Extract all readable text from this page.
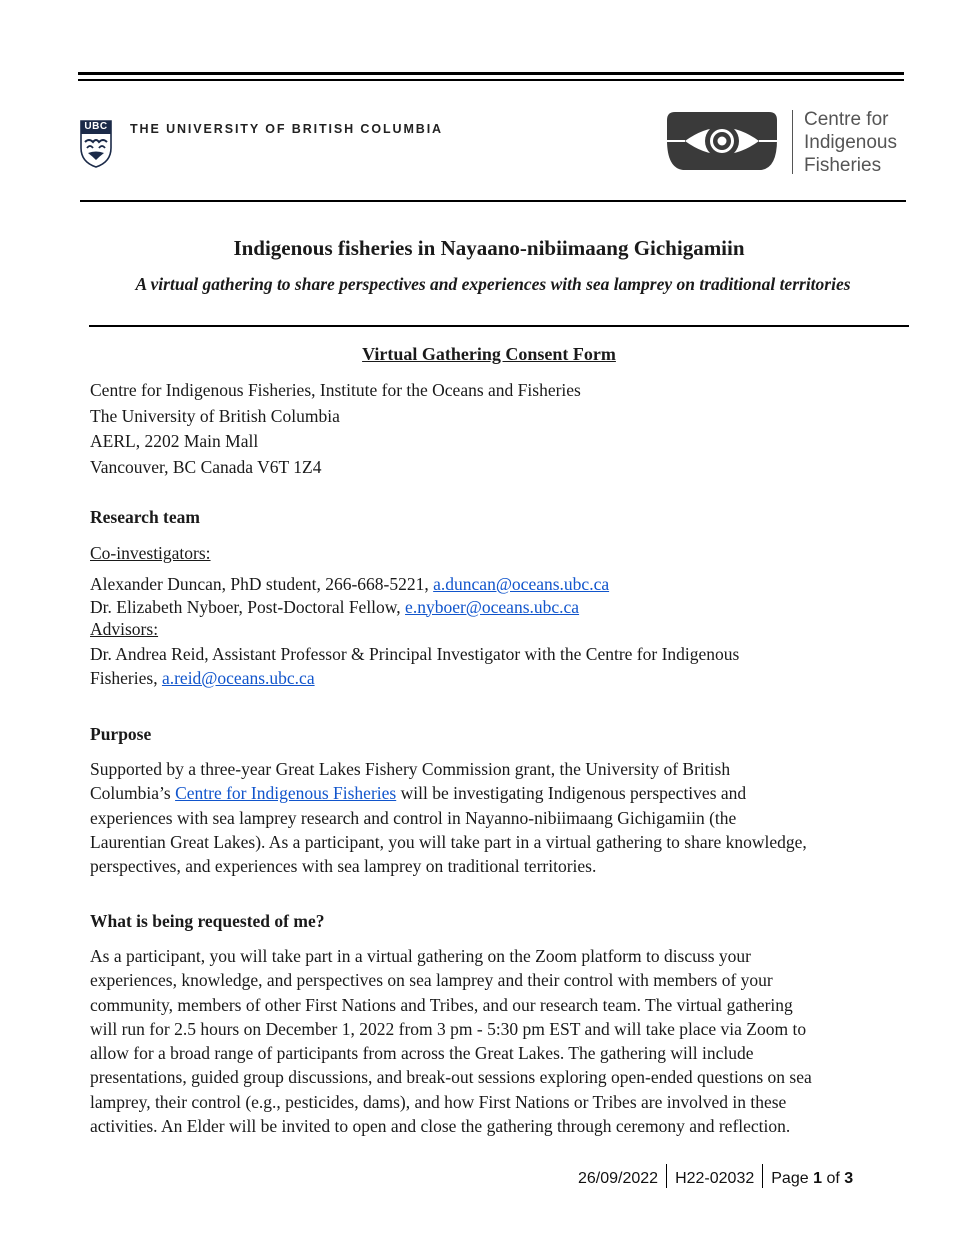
UBC THE UNIVERSITY OF BRITISH COLUMBIA	Centre for
Indigenous
Fisheries
Indigenous fisheries in Nayaano-nibiimaang Gichigamiin
A virtual gathering to share perspectives and experiences with sea lamprey on traditional territories
Virtual Gathering Consent Form
Centre for Indigenous Fisheries, Institute for the Oceans and Fisheries
The University of British Columbia
AERL, 2202 Main Mall
Vancouver, BC Canada V6T 1Z4
Research team
Co-investigators:
Alexander Duncan, PhD student, 266-668-5221, a.duncan@oceans.ubc.ca
Dr. Elizabeth Nyboer, Post-Doctoral Fellow, e.nyboer@oceans.ubc.ca
Advisors:
Dr. Andrea Reid, Assistant Professor & Principal Investigator with the Centre for Indigenous
Fisheries, a.reid@oceans.ubc.ca
Purpose
Supported by a three-year Great Lakes Fishery Commission grant, the University of British
Columbia’s Centre for Indigenous Fisheries will be investigating Indigenous perspectives and
experiences with sea lamprey research and control in Nayanno-nibiimaang Gichigamiin (the
Laurentian Great Lakes). As a participant, you will take part in a virtual gathering to share knowledge,
perspectives, and experiences with sea lamprey on traditional territories.
What is being requested of me?
As a participant, you will take part in a virtual gathering on the Zoom platform to discuss your
experiences, knowledge, and perspectives on sea lamprey and their control with members of your
community, members of other First Nations and Tribes, and our research team. The virtual gathering
will run for 2.5 hours on December 1, 2022 from 3 pm - 5:30 pm EST and will take place via Zoom to
allow for a broad range of participants from across the Great Lakes. The gathering will include
presentations, guided group discussions, and break-out sessions exploring open-ended questions on sea
lamprey, their control (e.g., pesticides, dams), and how First Nations or Tribes are involved in these
activities. An Elder will be invited to open and close the gathering through ceremony and reflection.
26/09/2022 H22-02032 Page 1 of 3
